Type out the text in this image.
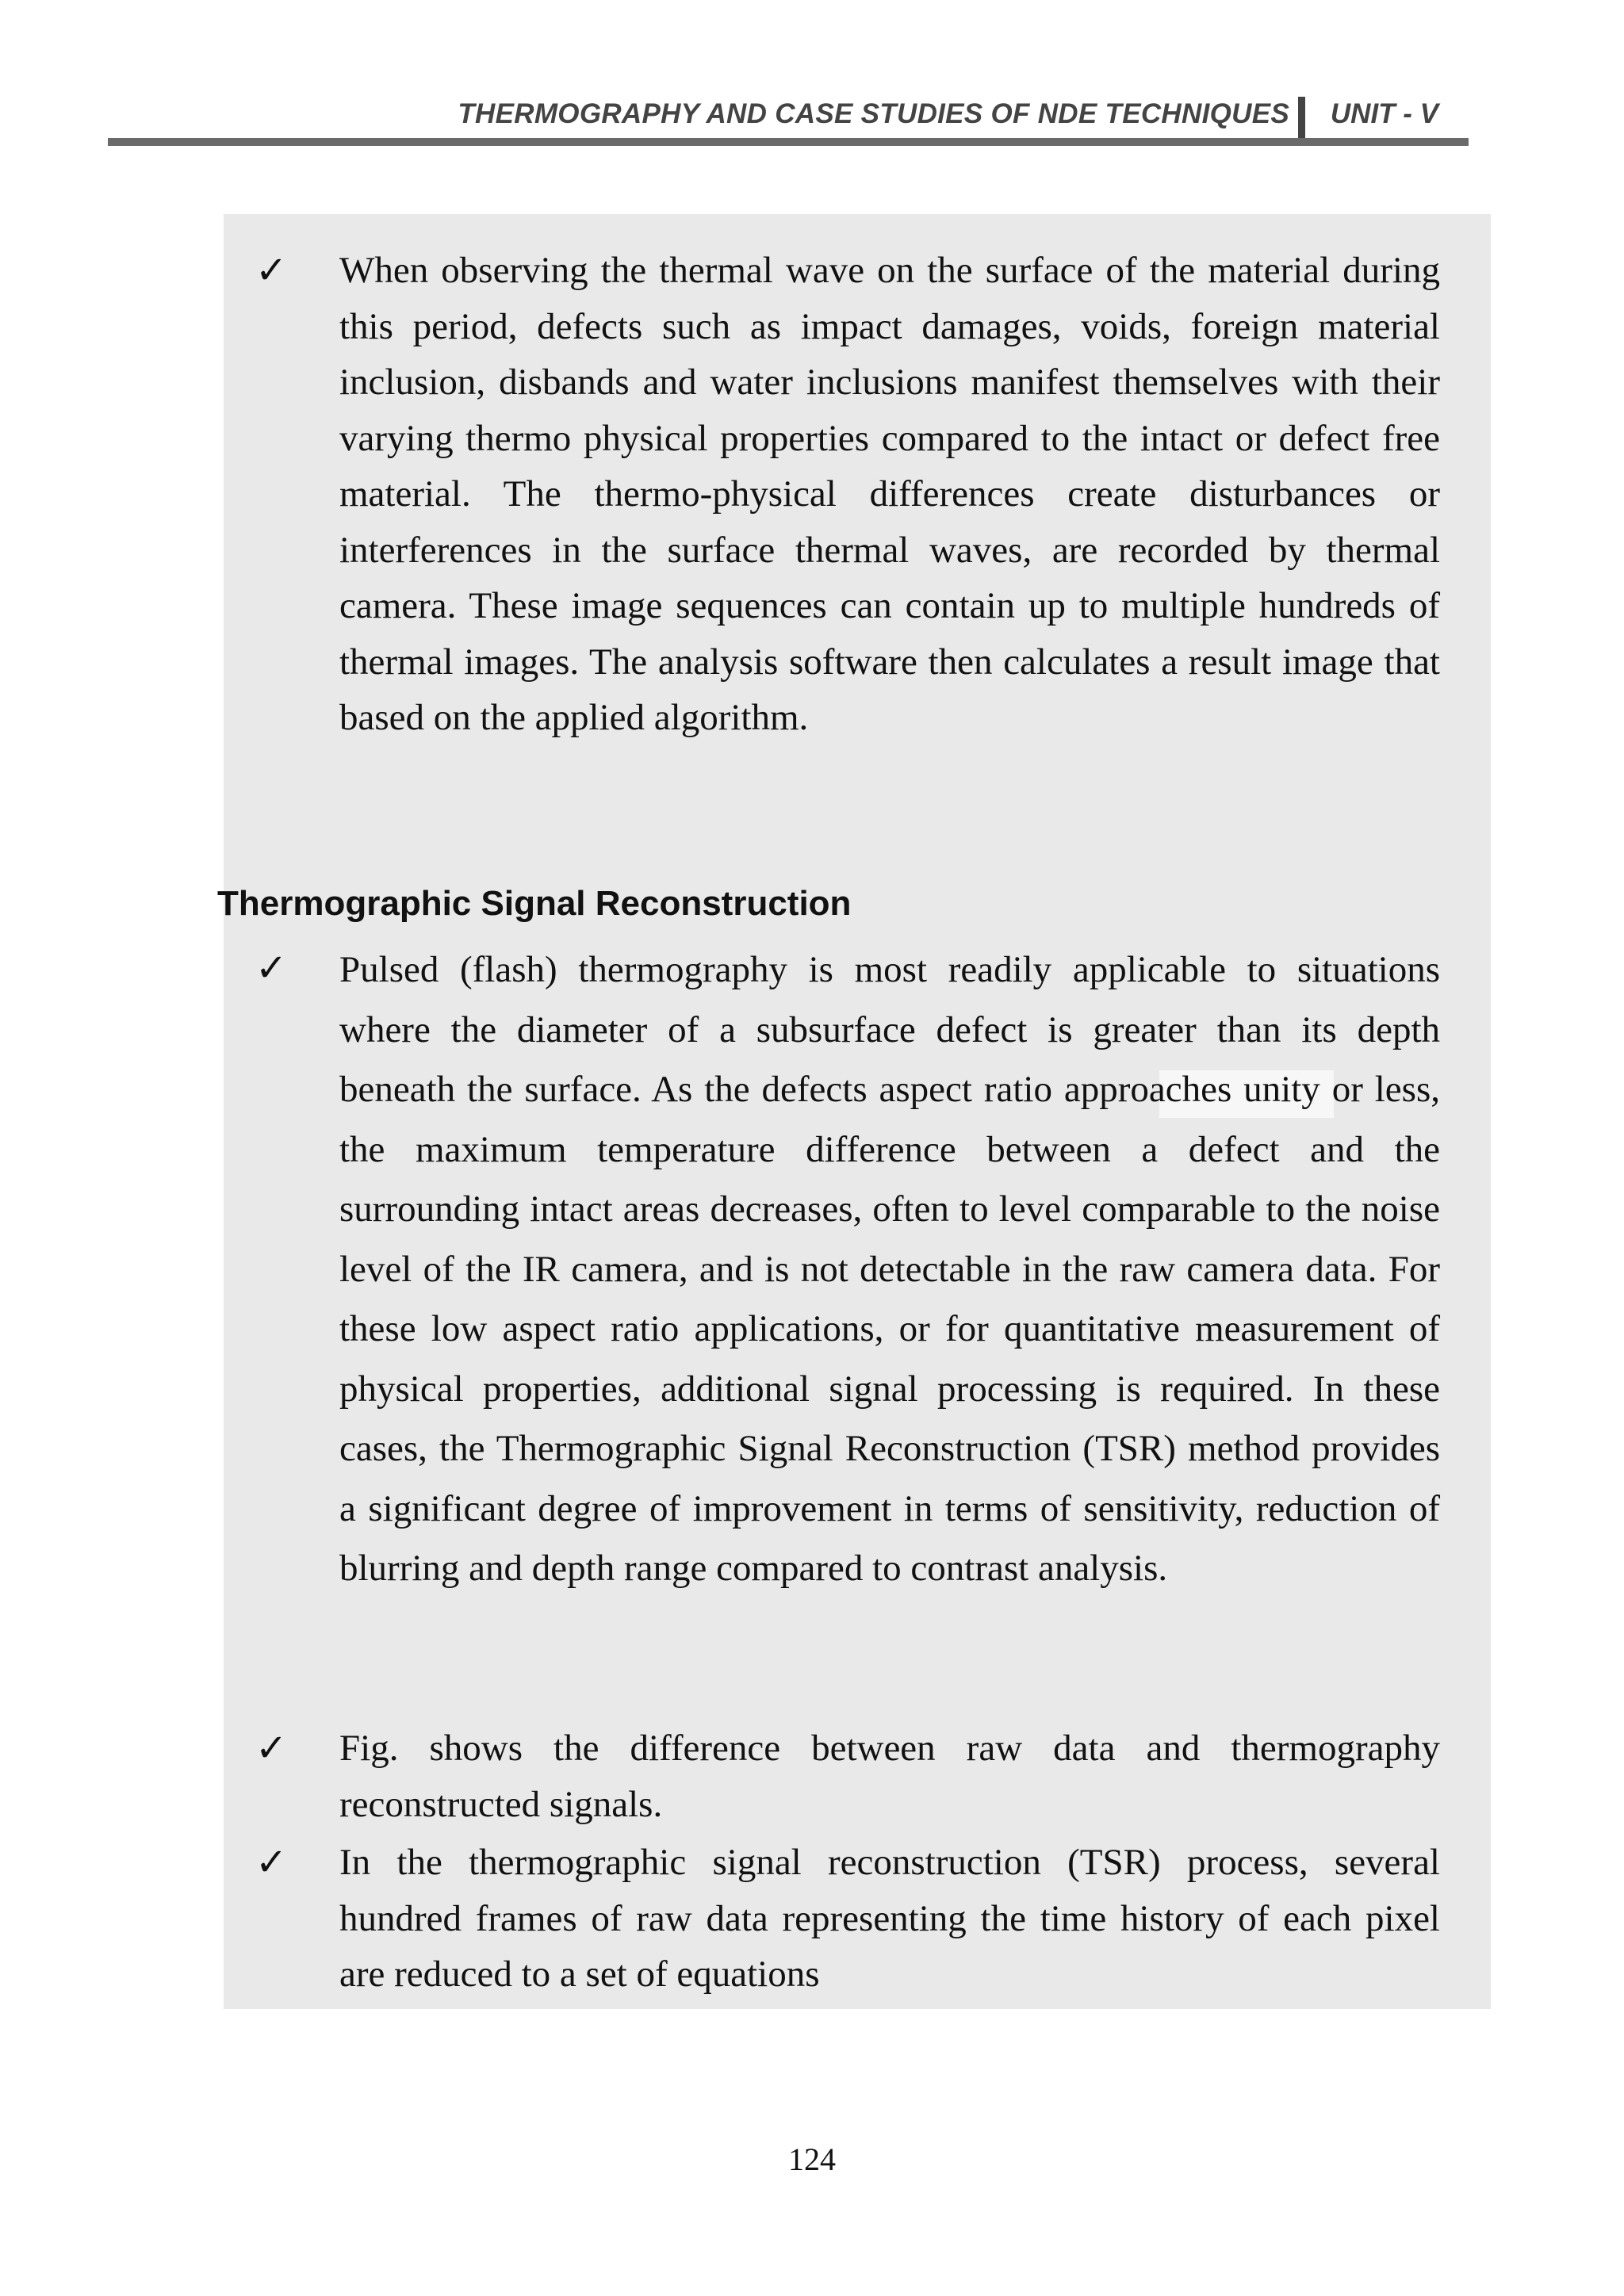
THERMOGRAPHY AND CASE STUDIES OF NDE TECHNIQUES UNIT - V
✓ When observing the thermal wave on the surface of the material during this period, defects such as impact damages, voids, foreign material inclusion, disbands and water inclusions manifest themselves with their varying thermo physical properties compared to the intact or defect free material. The thermo-physical differences create disturbances or interferences in the surface thermal waves, are recorded by thermal camera. These image sequences can contain up to multiple hundreds of thermal images. The analysis software then calculates a result image that based on the applied algorithm.
Thermographic Signal Reconstruction
✓ Pulsed (flash) thermography is most readily applicable to situations where the diameter of a subsurface defect is greater than its depth beneath the surface. As the defects aspect ratio approaches unity or less, the maximum temperature difference between a defect and the surrounding intact areas decreases, often to level comparable to the noise level of the IR camera, and is not detectable in the raw camera data. For these low aspect ratio applications, or for quantitative measurement of physical properties, additional signal processing is required. In these cases, the Thermographic Signal Reconstruction (TSR) method provides a significant degree of improvement in terms of sensitivity, reduction of blurring and depth range compared to contrast analysis.
✓ Fig. shows the difference between raw data and thermography reconstructed signals.
✓ In the thermographic signal reconstruction (TSR) process, several hundred frames of raw data representing the time history of each pixel are reduced to a set of equations
124
